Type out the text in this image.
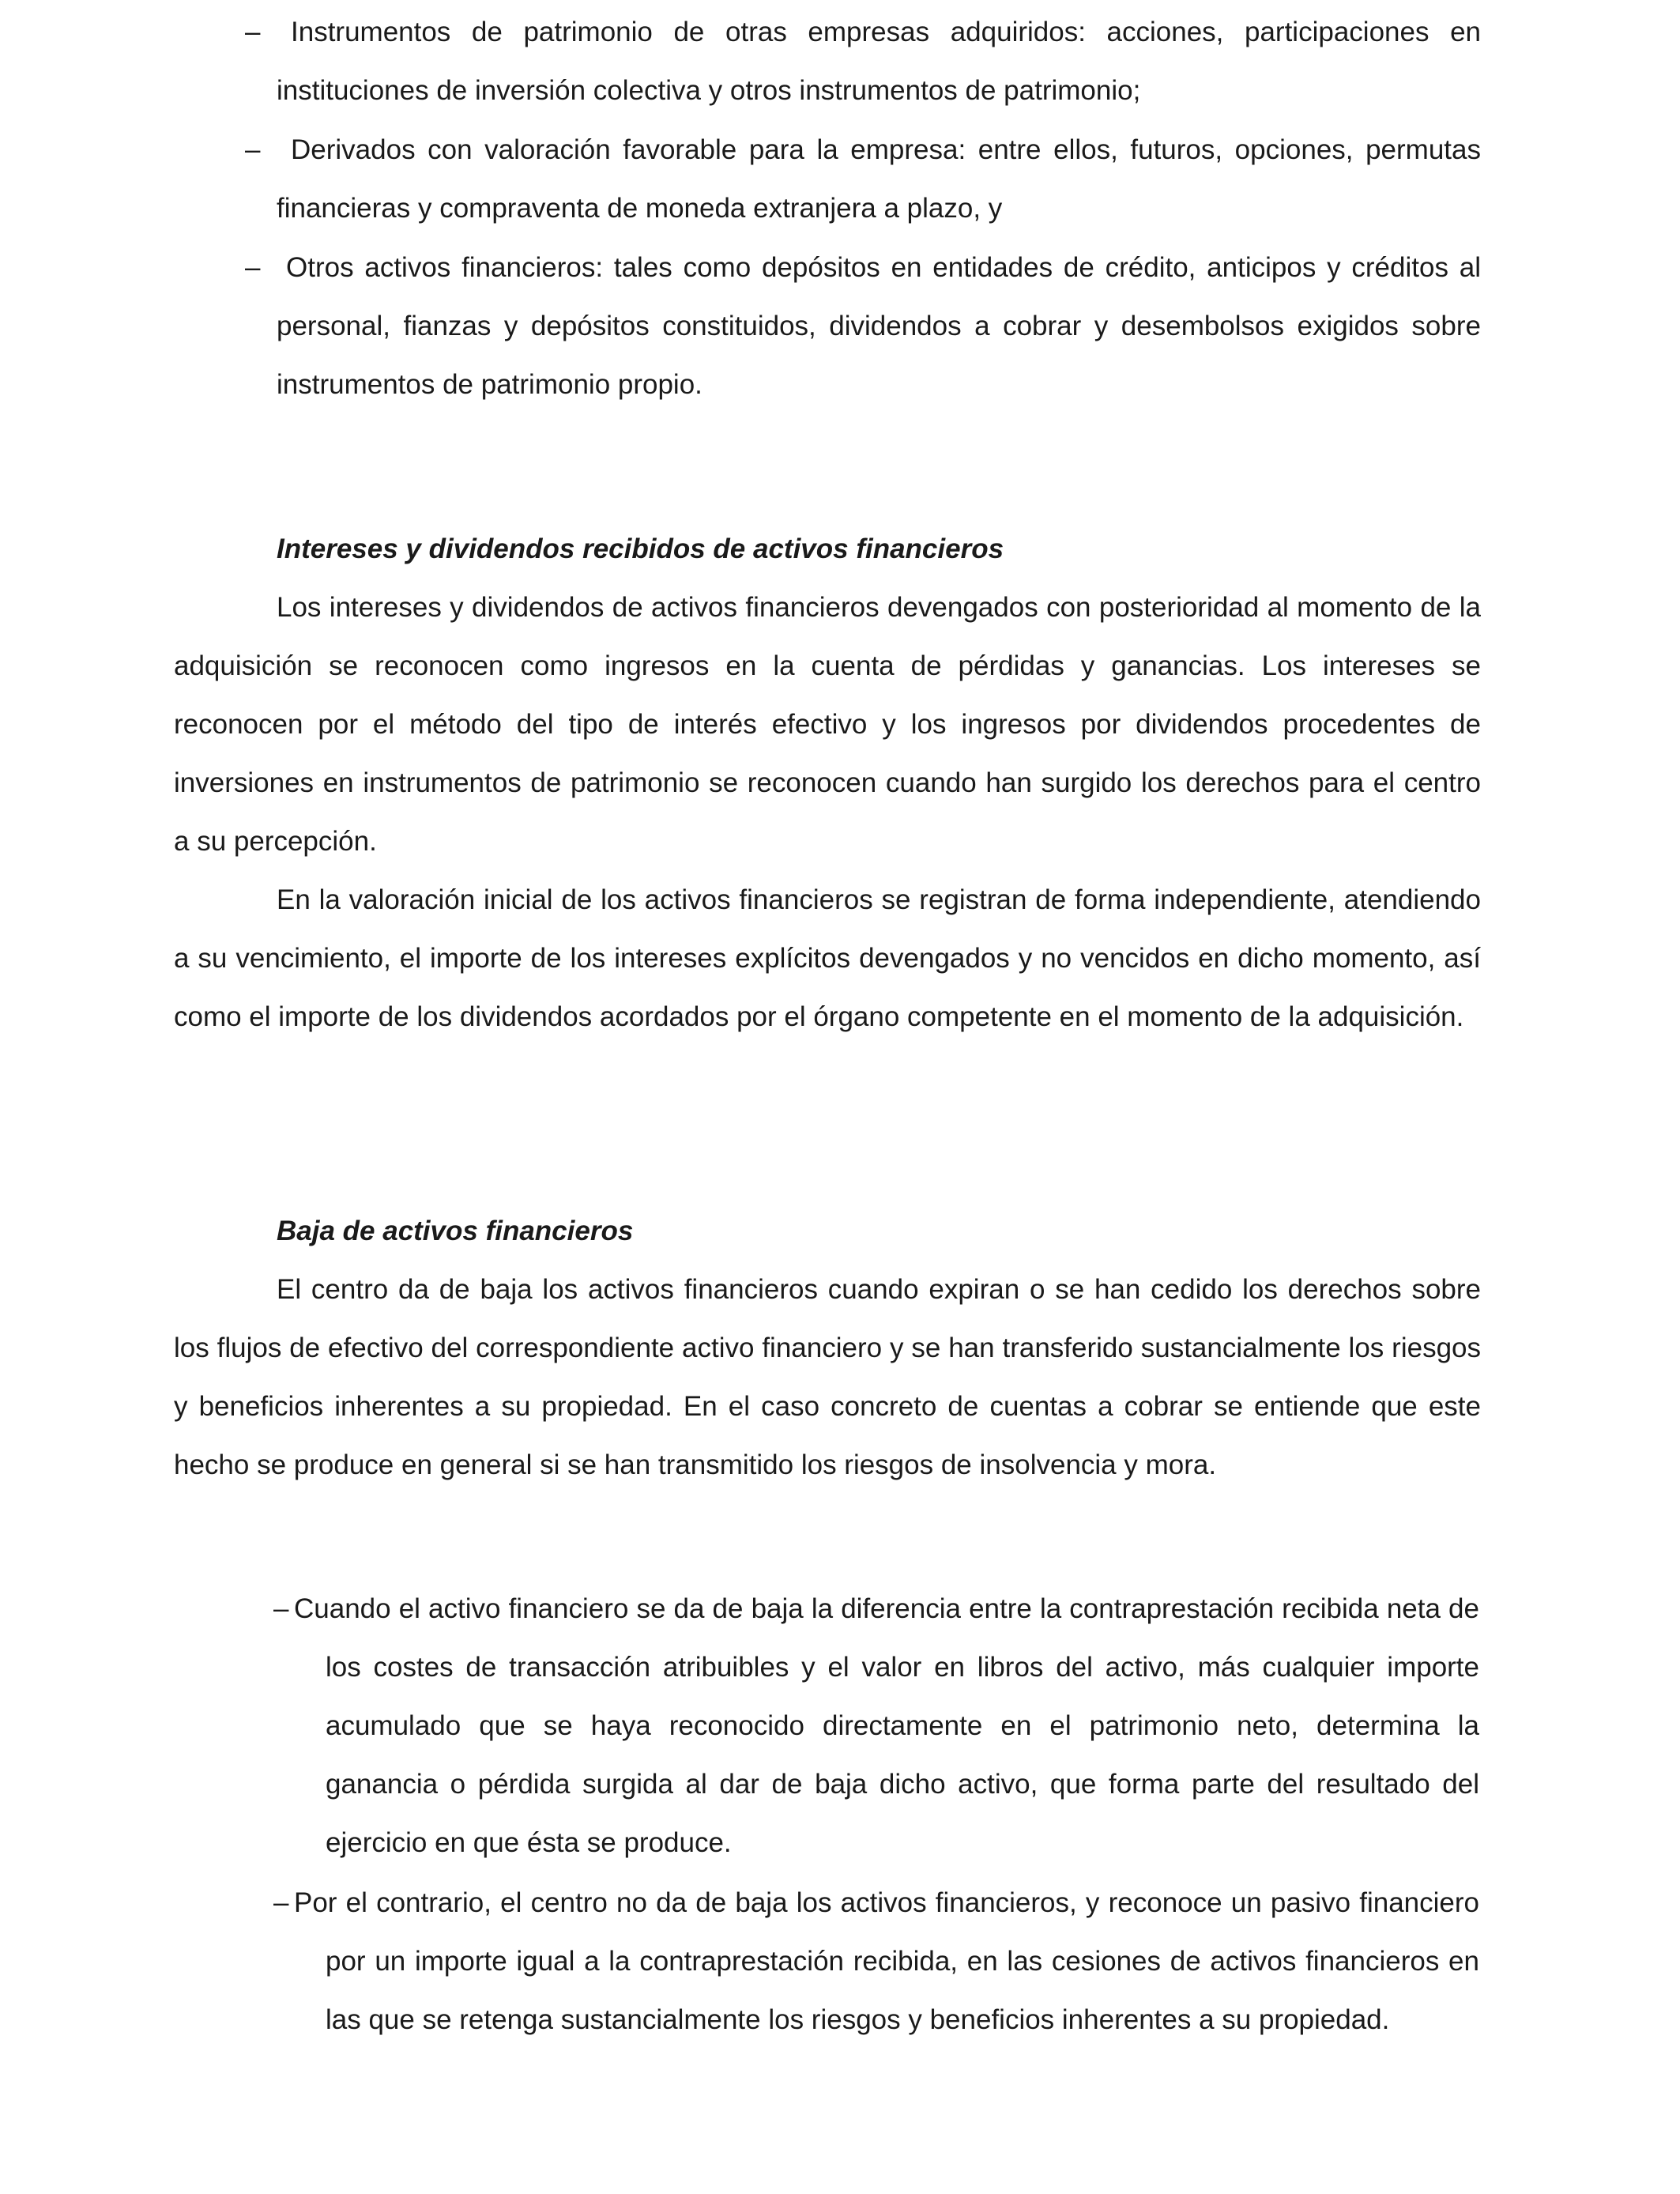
–	Instrumentos de patrimonio de otras empresas adquiridos: acciones, participaciones en instituciones de inversión colectiva y otros instrumentos de patrimonio;
–	Derivados con valoración favorable para la empresa: entre ellos, futuros, opciones, permutas financieras y compraventa de moneda extranjera a plazo, y
– Otros activos financieros: tales como depósitos en entidades de crédito, anticipos y créditos al personal, fianzas y depósitos constituidos, dividendos a cobrar y desembolsos exigidos sobre instrumentos de patrimonio propio.
Intereses y dividendos recibidos de activos financieros

Los intereses y dividendos de activos financieros devengados con posterioridad al momento de la adquisición se reconocen como ingresos en la cuenta de pérdidas y ganancias. Los intereses se reconocen por el método del tipo de interés efectivo y los ingresos por dividendos procedentes de inversiones en instrumentos de patrimonio se reconocen cuando han surgido los derechos para el centro a su percepción.

En la valoración inicial de los activos financieros se registran de forma independiente, atendiendo a su vencimiento, el importe de los intereses explícitos devengados y no vencidos en dicho momento, así como el importe de los dividendos acordados por el órgano competente en el momento de la adquisición.

Baja de activos financieros

El centro da de baja los activos financieros cuando expiran o se han cedido los derechos sobre los flujos de efectivo del correspondiente activo financiero y se han transferido sustancialmente los riesgos y beneficios inherentes a su propiedad. En el caso concreto de cuentas a cobrar se entiende que este hecho se produce en general si se han transmitido los riesgos de insolvencia y mora.

– Cuando el activo financiero se da de baja la diferencia entre la contraprestación recibida neta de los costes de transacción atribuibles y el valor en libros del activo, más cualquier importe acumulado que se haya reconocido directamente en el patrimonio neto, determina la ganancia o pérdida surgida al dar de baja dicho activo, que forma parte del resultado del ejercicio en que ésta se produce.
– Por el contrario, el centro no da de baja los activos financieros, y reconoce un pasivo financiero por un importe igual a la contraprestación recibida, en las cesiones de activos financieros en las que se retenga sustancialmente los riesgos y beneficios inherentes a su propiedad.
